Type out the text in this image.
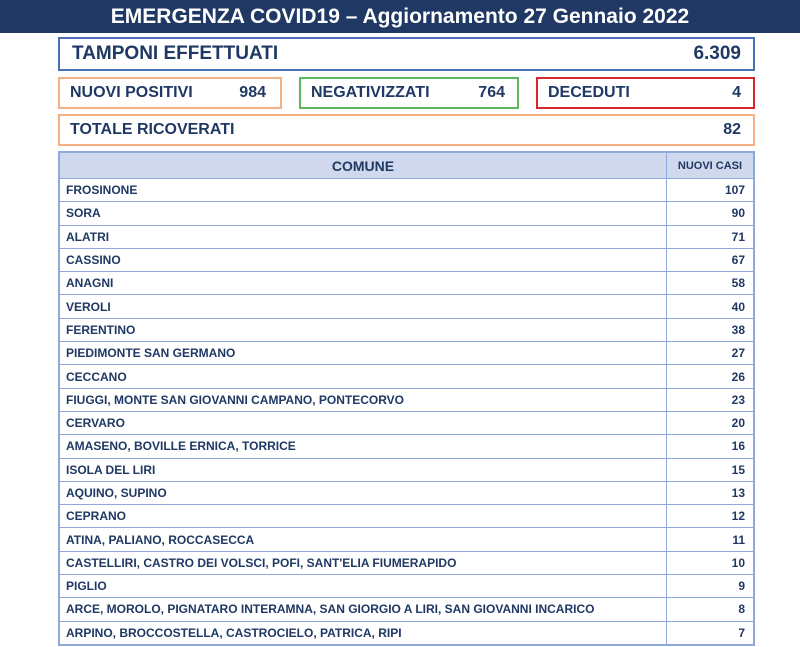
EMERGENZA COVID19 – Aggiornamento 27 Gennaio 2022
TAMPONI EFFETTUATI	6.309
NUOVI POSITIVI	984	NEGATIVIZZATI	764	DECEDUTI	4
TOTALE RICOVERATI	82
COMUNE	NUOVI CASI
FROSINONE	107
SORA	90
ALATRI	71
CASSINO	67
ANAGNI	58
VEROLI	40
FERENTINO	38
PIEDIMONTE SAN GERMANO	27
CECCANO	26
FIUGGI, MONTE SAN GIOVANNI CAMPANO, PONTECORVO	23
CERVARO	20
AMASENO, BOVILLE ERNICA, TORRICE	16
ISOLA DEL LIRI	15
AQUINO, SUPINO	13
CEPRANO	12
ATINA, PALIANO, ROCCASECCA	11
CASTELLIRI, CASTRO DEI VOLSCI, POFI, SANT'ELIA FIUMERAPIDO	10
PIGLIO	9
ARCE, MOROLO, PIGNATARO INTERAMNA, SAN GIORGIO A LIRI, SAN GIOVANNI INCARICO	8
ARPINO, BROCCOSTELLA, CASTROCIELO, PATRICA, RIPI	7
